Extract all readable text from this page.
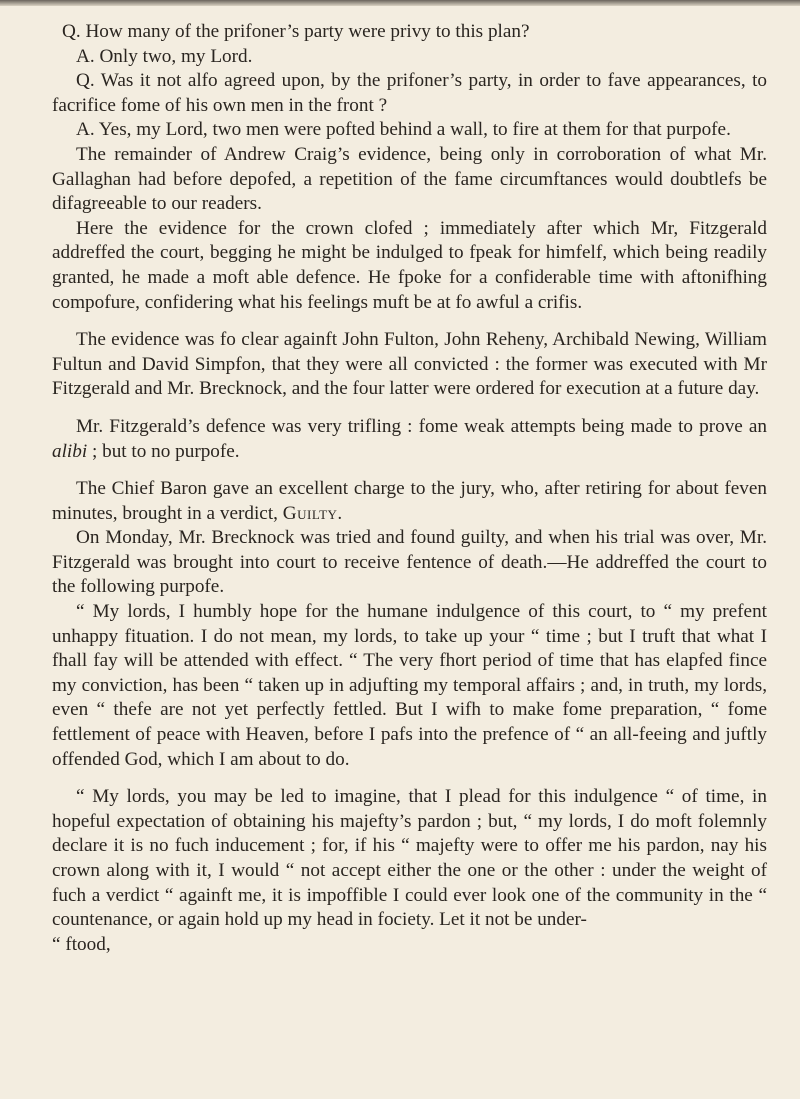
Q. How many of the prifoner’s party were privy to this plan?

A. Only two, my Lord.

Q. Was it not alfo agreed upon, by the prifoner’s party, in order to fave appearances, to facrifice fome of his own men in the front ?

A. Yes, my Lord, two men were pofted behind a wall, to fire at them for that purpofe.

The remainder of Andrew Craig’s evidence, being only in corroboration of what Mr. Gallaghan had before depofed, a repetition of the fame circumftances would doubtlefs be difagreeable to our readers.

Here the evidence for the crown clofed ; immediately after which Mr, Fitzgerald addreffed the court, begging he might be indulged to fpeak for himfelf, which being readily granted, he made a moft able defence. He fpoke for a confiderable time with aftonifhing compofure, confidering what his feelings muft be at fo awful a crifis.

The evidence was fo clear againft John Fulton, John Reheny, Archibald Newing, William Fultun and David Simpfon, that they were all convicted : the former was executed with Mr Fitzgerald and Mr. Brecknock, and the four latter were ordered for execution at a future day.

Mr. Fitzgerald’s defence was very trifling : fome weak attempts being made to prove an alibi ; but to no purpofe.

The Chief Baron gave an excellent charge to the jury, who, after retiring for about feven minutes, brought in a verdict, Guilty.

On Monday, Mr. Brecknock was tried and found guilty, and when his trial was over, Mr. Fitzgerald was brought into court to receive fentence of death.—He addreffed the court to the following purpofe.

“ My lords, I humbly hope for the humane indulgence of this court, to “ my prefent unhappy fituation. I do not mean, my lords, to take up your “ time ; but I truft that what I fhall fay will be attended with effect. “ The very fhort period of time that has elapfed fince my conviction, has been “ taken up in adjufting my temporal affairs ; and, in truth, my lords, even “ thefe are not yet perfectly fettled. But I wifh to make fome preparation, “ fome fettlement of peace with Heaven, before I pafs into the prefence of “ an all-feeing and juftly offended God, which I am about to do.

“ My lords, you may be led to imagine, that I plead for this indulgence “ of time, in hopeful expectation of obtaining his majefty’s pardon ; but, “ my lords, I do moft folemnly declare it is no fuch inducement ; for, if his “ majefty were to offer me his pardon, nay his crown along with it, I would “ not accept either the one or the other : under the weight of fuch a verdict “ againft me, it is impoffible I could ever look one of the community in the “ countenance, or again hold up my head in fociety. Let it not be under-

“ ftood,
